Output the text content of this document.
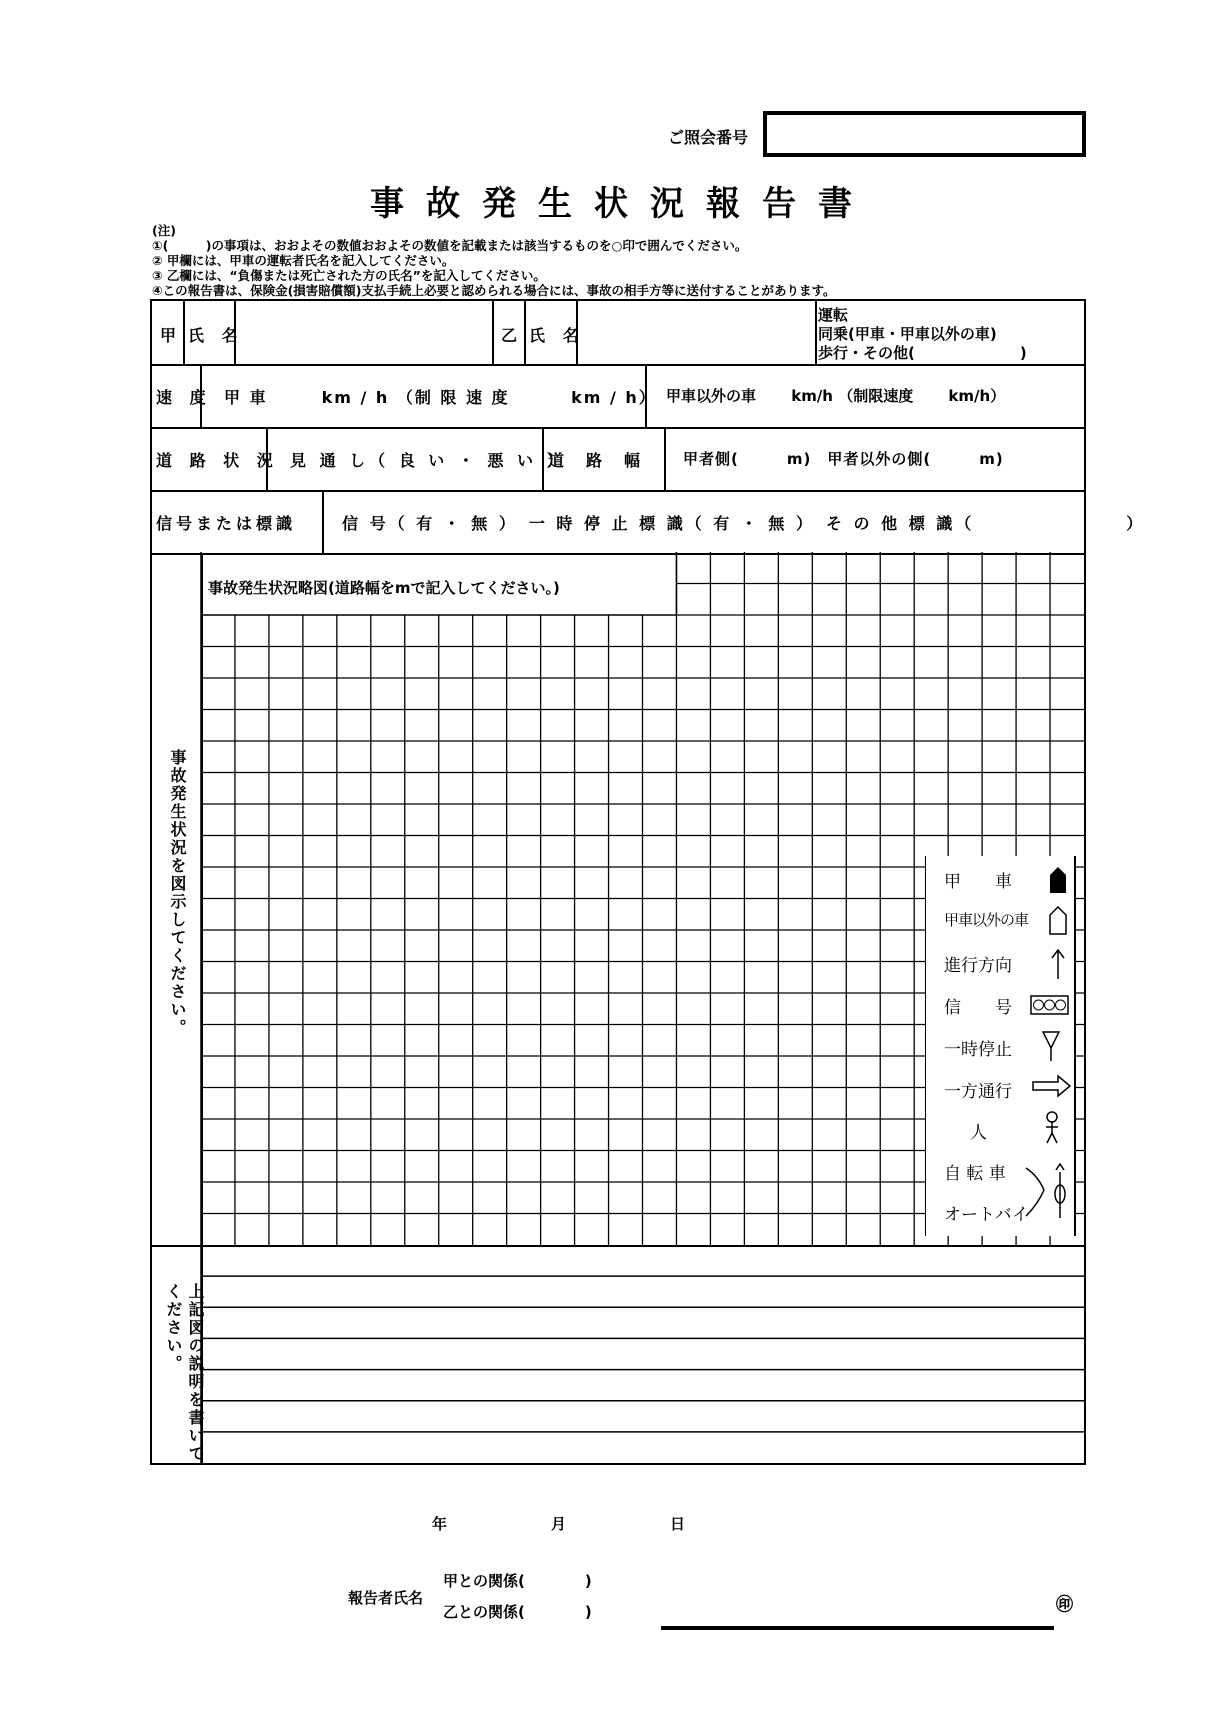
ご照会番号
事故発生状況報告書
(注)
①(　　　)の事項は、おおよその数値おおよその数値を記載または該当するものを○印で囲んでください。
② 甲欄には、甲車の運転者氏名を記入してください。
③ 乙欄には、“負傷または死亡された方の氏名”を記入してください。
④この報告書は、保険金(損害賠償額)支払手続上必要と認められる場合には、事故の相手方等に送付することがあります。
甲 氏 名	乙 氏 名
運転
同乗(甲車・甲車以外の車)
歩行・その他(　　　　　　　)
速 度 甲 車　　　km / h （制 限 速 度　　　 km / h） 甲車以外の車　　 km/h （制限速度　　 km/h）
道 路 状 況 見 通 し（ 良 い ・ 悪 い ）
道　路　幅	甲者側(　　　m)　甲者以外の側(　　　m)
信号または標識	信 号（ 有 ・ 無 ）　一 時 停 止 標 識（ 有 ・ 無 ）　そ の 他 標 識（　　　　　　　　）
事故発生状況を図示してください。
事故発生状況略図(道路幅をmで記入してください。)
上記図の説明を書いてください。
甲　　車
甲車以外の車
進行方向
信　　号
一時停止
一方通行
人
自 転 車
オートバイ
年	月	日
報告者氏名
甲との関係(　　　　)
乙との関係(　　　　)	㊞
